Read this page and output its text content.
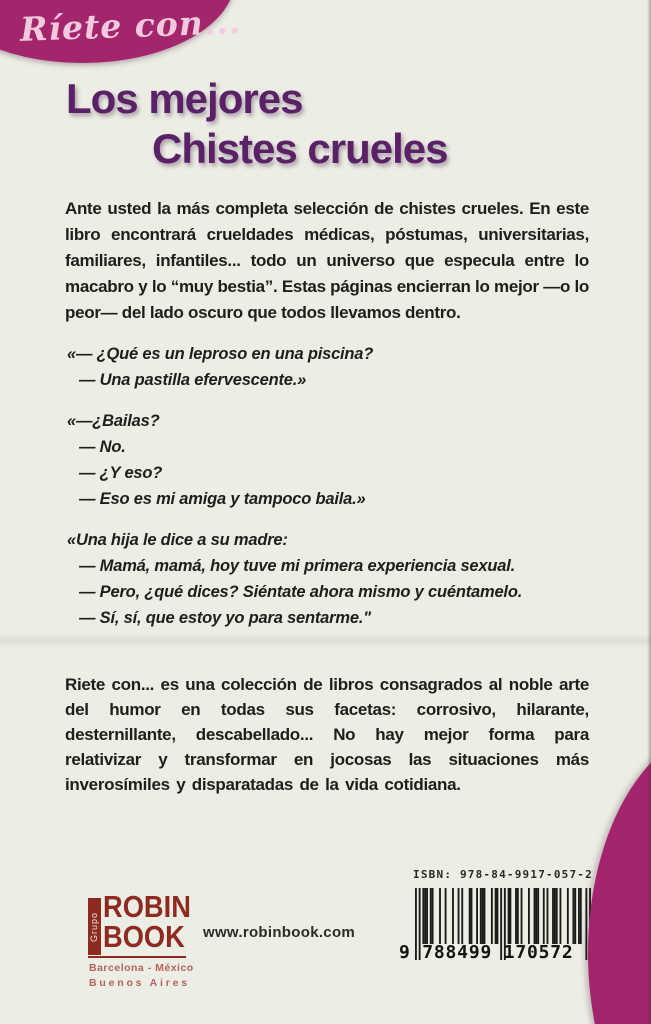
Ríete con...
Los mejores
Chistes crueles

Ante usted la más completa selección de chistes crueles. En este libro encontrará crueldades médicas, póstumas, universitarias, familiares, infantiles... todo un universo que especula entre lo macabro y lo “muy bestia”. Estas páginas encierran lo mejor —o lo peor— del lado oscuro que todos llevamos dentro.

«— ¿Qué es un leproso en una piscina?
— Una pastilla efervescente.»
«—¿Bailas?
— No.
— ¿Y eso?
— Eso es mi amiga y tampoco baila.»
«Una hija le dice a su madre:
— Mamá, mamá, hoy tuve mi primera experiencia sexual.
— Pero, ¿qué dices? Siéntate ahora mismo y cuéntamelo.
— Sí, sí, que estoy yo para sentarme."

Riete con... es una colección de libros consagrados al noble arte del humor en todas sus facetas: corrosivo, hilarante, desternillante, descabellado... No hay mejor forma para relativizar y transformar en jocosas las situaciones más inverosímiles y disparatadas de la vida cotidiana.

Grupo
ROBIN
BOOK
Barcelona - México
Buenos Aires
www.robinbook.com
ISBN: 978-84-9917-057-2
9 788499 170572
